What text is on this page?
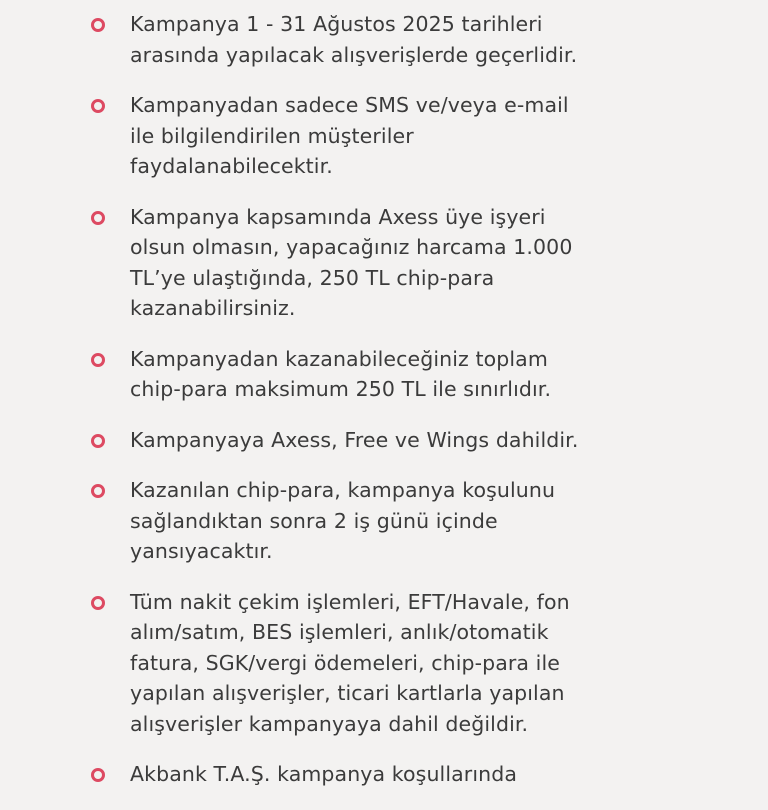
Kampanya 1 - 31 Ağustos 2025 tarihleri
arasında yapılacak alışverişlerde geçerlidir.
Kampanyadan sadece SMS ve/veya e-mail
ile bilgilendirilen müşteriler
faydalanabilecektir.
Kampanya kapsamında Axess üye işyeri
olsun olmasın, yapacağınız harcama 1.000
TL’ye ulaştığında, 250 TL chip-para
kazanabilirsiniz.
Kampanyadan kazanabileceğiniz toplam
chip-para maksimum 250 TL ile sınırlıdır.
Kampanyaya Axess, Free ve Wings dahildir.
Kazanılan chip-para, kampanya koşulunu
sağlandıktan sonra 2 iş günü içinde
yansıyacaktır.
Tüm nakit çekim işlemleri, EFT/Havale, fon
alım/satım, BES işlemleri, anlık/otomatik
fatura, SGK/vergi ödemeleri, chip-para ile
yapılan alışverişler, ticari kartlarla yapılan
alışverişler kampanyaya dahil değildir.
Akbank T.A.Ş. kampanya koşullarında
